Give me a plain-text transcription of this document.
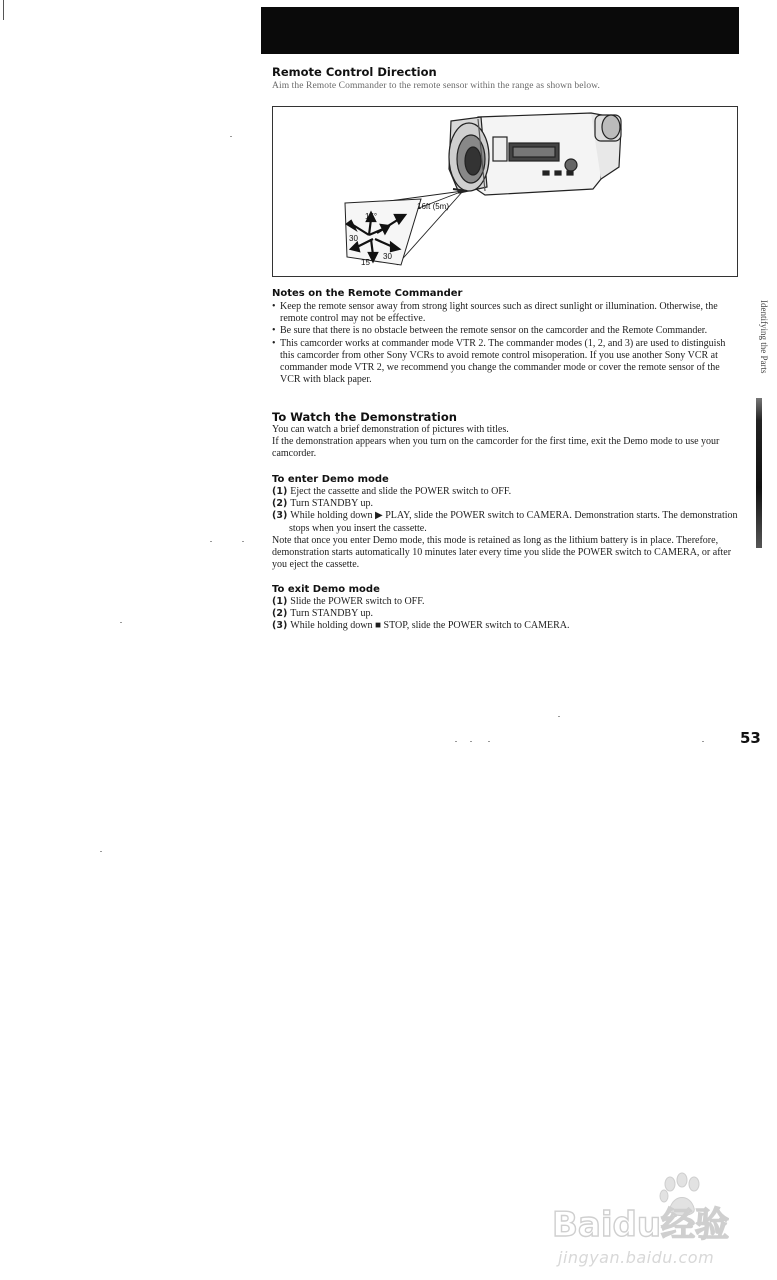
Remote Control Direction
Aim the Remote Commander to the remote sensor within the range as shown below.
16ft (5m)
15°
30
30
15
Notes on the Remote Commander
• Keep the remote sensor away from strong light sources such as direct sunlight or illumination. Otherwise, the remote control may not be effective.
• Be sure that there is no obstacle between the remote sensor on the camcorder and the Remote Commander.
• This camcorder works at commander mode VTR 2. The commander modes (1, 2, and 3) are used to distinguish this camcorder from other Sony VCRs to avoid remote control misoperation. If you use another Sony VCR at commander mode VTR 2, we recommend you change the commander mode or cover the remote sensor of the VCR with black paper.
To Watch the Demonstration
You can watch a brief demonstration of pictures with titles.
If the demonstration appears when you turn on the camcorder for the first time, exit the Demo mode to use your camcorder.
To enter Demo mode
(1) Eject the cassette and slide the POWER switch to OFF.
(2) Turn STANDBY up.
(3) While holding down ▶ PLAY, slide the POWER switch to CAMERA. Demonstration starts. The demonstration stops when you insert the cassette.
Note that once you enter Demo mode, this mode is retained as long as the lithium battery is in place. Therefore, demonstration starts automatically 10 minutes later every time you slide the POWER switch to CAMERA, or after you eject the cassette.
To exit Demo mode
(1) Slide the POWER switch to OFF.
(2) Turn STANDBY up.
(3) While holding down ■ STOP, slide the POWER switch to CAMERA.
Identifying the Parts
53
Baidu经验
jingyan.baidu.com
